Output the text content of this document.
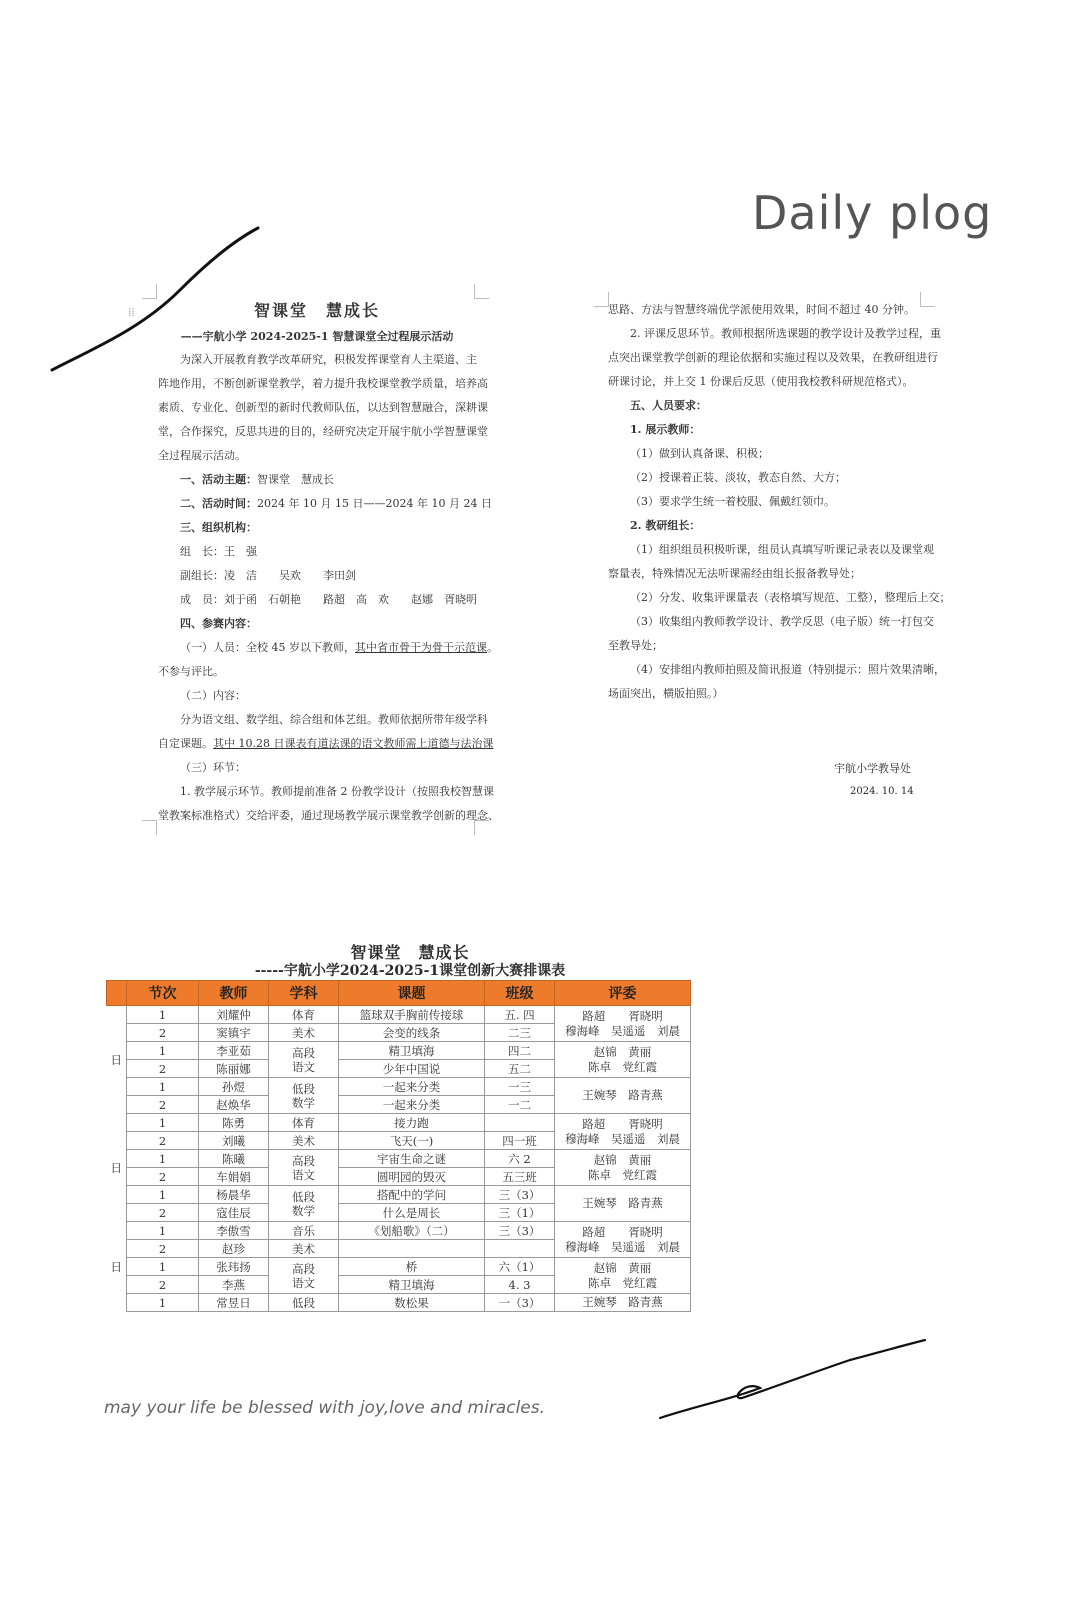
Daily plog
⁞⁞	智课堂　慧成长

——宇航小学 2024-2025-1 智慧课堂全过程展示活动

为深入开展教育教学改革研究，积极发挥课堂育人主渠道、主

阵地作用，不断创新课堂教学，着力提升我校课堂教学质量，培养高

素质、专业化、创新型的新时代教师队伍，以达到智慧融合，深耕课

堂，合作探究，反思共进的目的，经研究决定开展宇航小学智慧课堂

全过程展示活动。

一、活动主题：智课堂　慧成长

二、活动时间：2024 年 10 月 15 日——2024 年 10 月 24 日

三、组织机构：

组　长：王　强

副组长：凌　洁　　吴欢　　李田剑

成　员：刘于函　石朝艳　　路超　高　欢　　赵娜　胥晓明

四、参赛内容：

（一）人员：全校 45 岁以下教师，其中省市骨干为骨干示范课。

不参与评比。

（二）内容：

分为语文组、数学组、综合组和体艺组。教师依据所带年级学科

自定课题。其中 10.28 日课表有道法课的语文教师需上道德与法治课

（三）环节：

1. 教学展示环节。教师提前准备 2 份教学设计（按照我校智慧课

堂教案标准格式）交给评委，通过现场教学展示课堂教学创新的理念、

思路、方法与智慧终端优学派使用效果，时间不超过 40 分钟。

2. 评课反思环节。教师根据所选课题的教学设计及教学过程，重

点突出课堂教学创新的理论依据和实施过程以及效果，在教研组进行

研课讨论，并上交 1 份课后反思（使用我校教科研规范格式）。

五、人员要求：

1. 展示教师：

（1）做到认真备课、积极；

（2）授课着正装、淡妆，教态自然、大方；

（3）要求学生统一着校服、佩戴红领巾。

2. 教研组长：

（1）组织组员积极听课，组员认真填写听课记录表以及课堂观

察量表，特殊情况无法听课需经由组长报备教导处；

（2）分发、收集评课量表（表格填写规范、工整），整理后上交；

（3）收集组内教师教学设计、教学反思（电子版）统一打包交

至教导处；

（4）安排组内教师拍照及简讯报道（特别提示：照片效果清晰，

场面突出，横版拍照。）

宇航小学教导处
2024. 10. 14
智课堂　慧成长
-----宇航小学2024-2025-1课堂创新大赛排课表
	节次	教师	学科	课题	班级	评委
日	1	刘耀仲	体育	篮球双手胸前传接球	五. 四	路超　　胥晓明
穆海峰　吴遥遥　刘晨
	2	窦镇宇	美术	会变的线条	二三	
	1	李亚茹	高段
语文	精卫填海	四二	赵锦　黄丽
陈卓　党红霞
	2	陈丽娜		少年中国说	五二	
	1	孙煜	低段
数学	一起来分类	一三	王婉琴　路青燕
	2	赵焕华		一起来分类	一二	
日	1	陈勇	体育	接力跑		路超　　胥晓明
穆海峰　吴遥遥　刘晨
	2	刘曦	美术	飞天(一)	四一班	
	1	陈曦	高段
语文	宇宙生命之谜	六 2	赵锦　黄丽
陈卓　党红霞
	2	车娟娟		圆明园的毁灭	五三班	
	1	杨晨华	低段
数学	搭配中的学问	三（3）	王婉琴　路青燕
	2	寇佳辰		什么是周长	三（1）	
日	1	李傲雪	音乐	《划船歌》（二）	三（3）	路超　　胥晓明
穆海峰　吴遥遥　刘晨
	2	赵珍	美术			
	1	张玮扬	高段
语文	桥	六（1）	赵锦　黄丽
陈卓　党红霞
	2	李燕		精卫填海	4. 3	
	1	常昱日	低段	数松果	一（3）	王婉琴　路青燕
may your life be blessed with joy,love and miracles.
